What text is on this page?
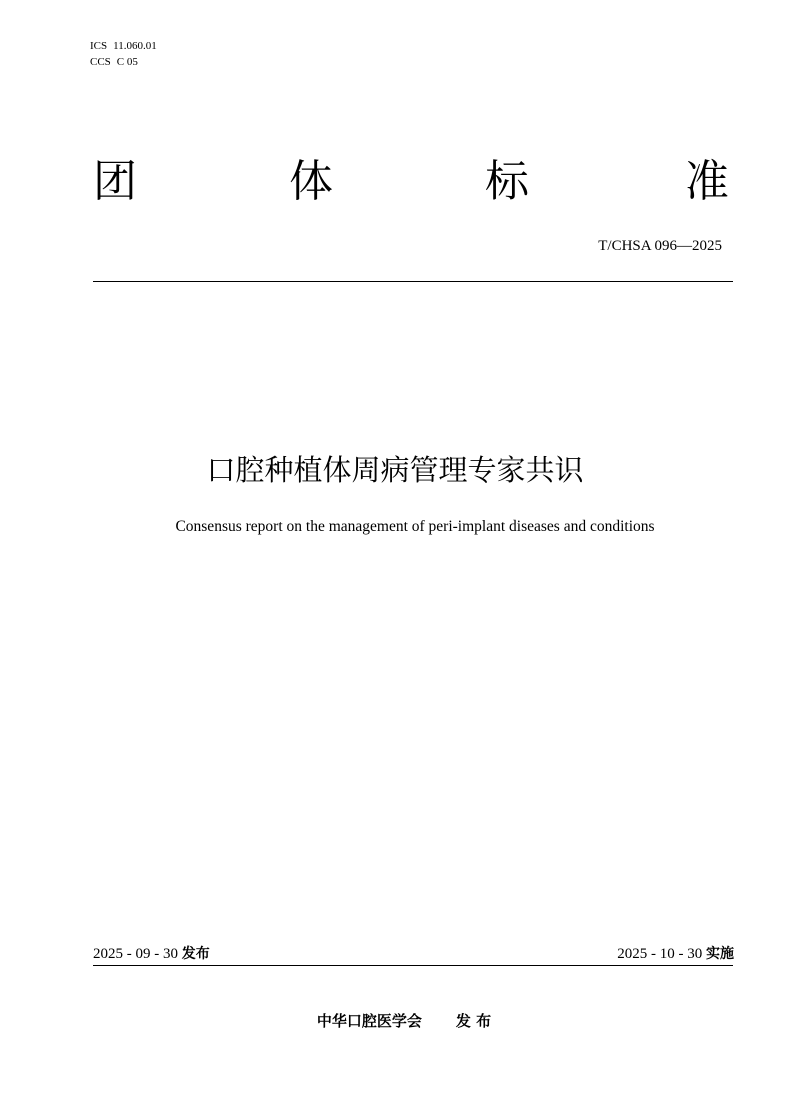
ICS 11.060.01
CCS C 05
团	体	标	准
T/CHSA 096—2025
口腔种植体周病管理专家共识
Consensus report on the management of peri-implant diseases and conditions
2025 - 09 - 30 发布	2025 - 10 - 30 实施
中华口腔医学会 发 布
